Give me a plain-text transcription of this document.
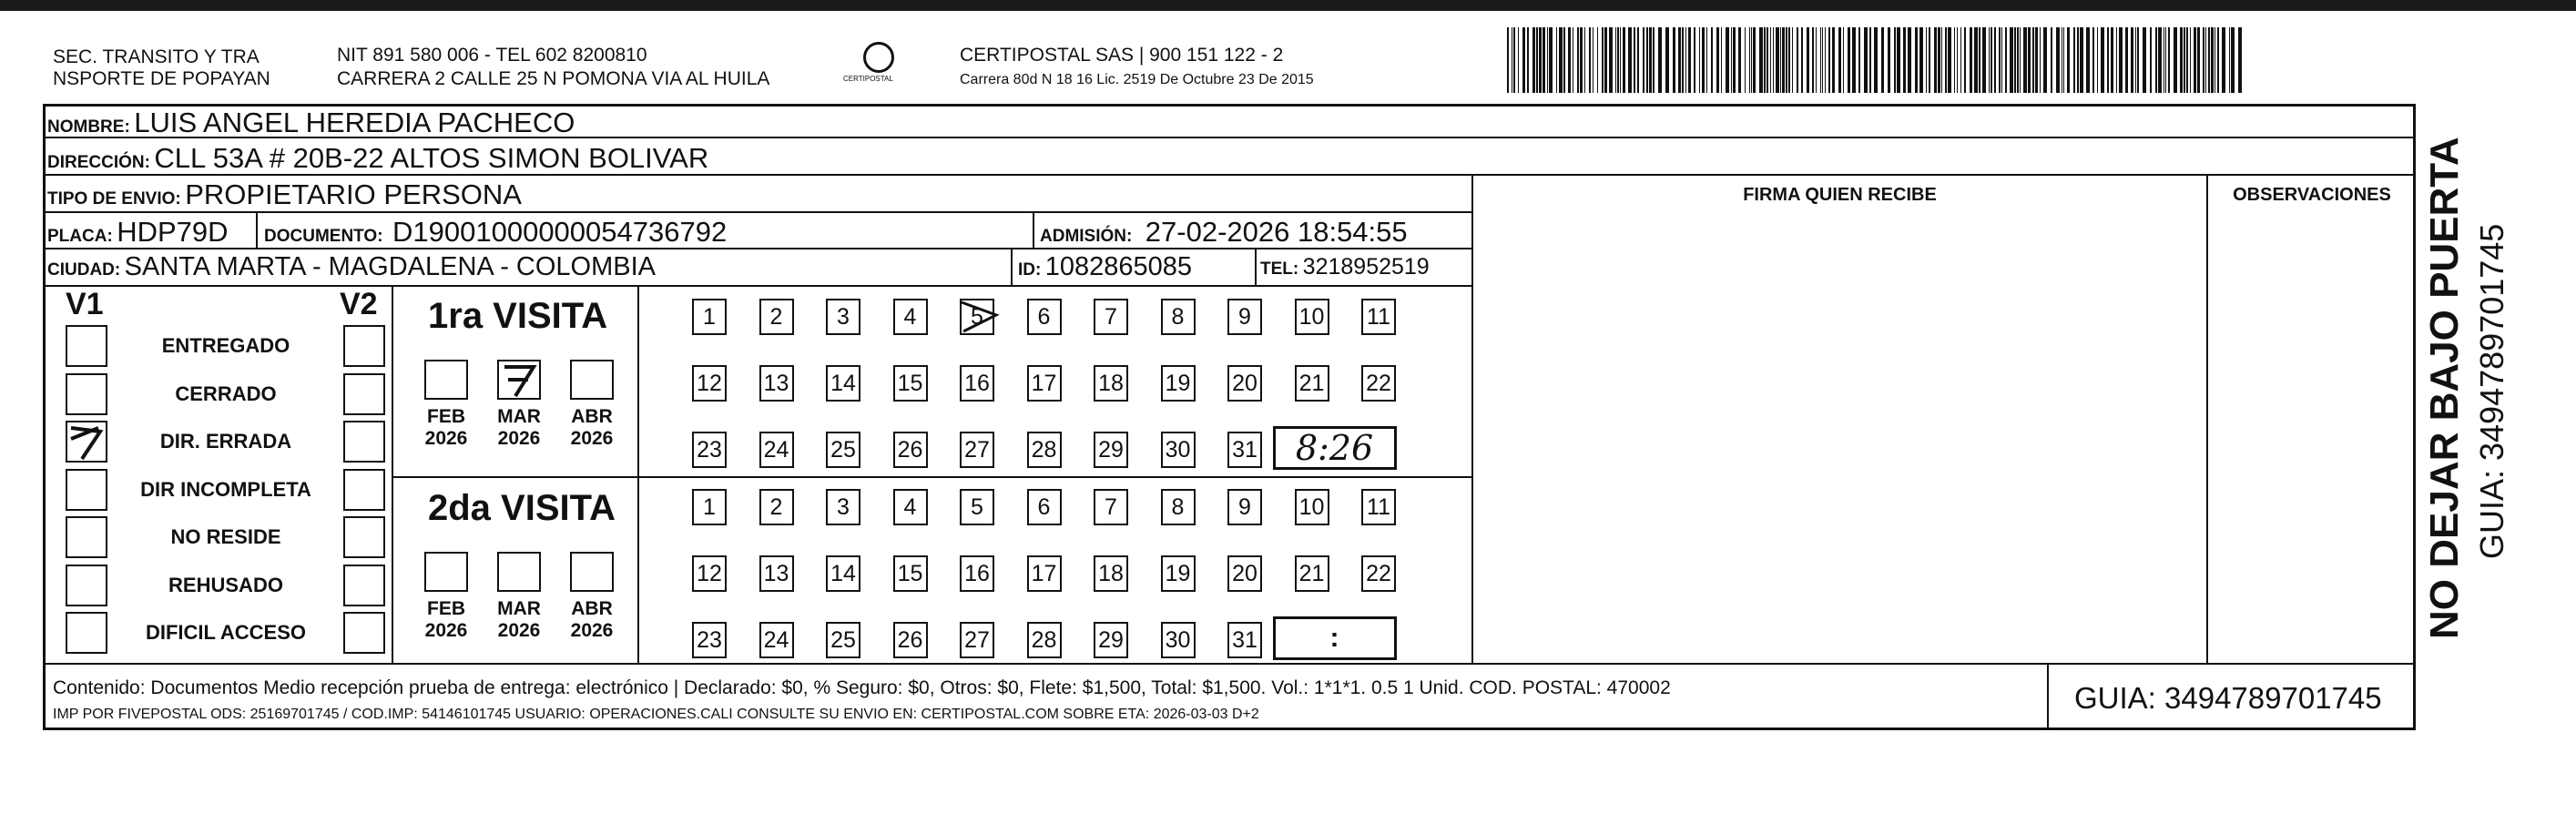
SEC. TRANSITO Y TRA
NSPORTE DE POPAYAN
NIT 891 580 006 - TEL 602 8200810
CARRERA 2 CALLE 25 N POMONA VIA AL HUILA	CERTIPOSTAL
CERTIPOSTAL SAS | 900 151 122 - 2
Carrera 80d N 18 16 Lic. 2519 De Octubre 23 De 2015
NOMBRE: LUIS ANGEL HEREDIA PACHECO
DIRECCIÓN: CLL 53A # 20B-22 ALTOS SIMON BOLIVAR
TIPO DE ENVIO: PROPIETARIO PERSONA	FIRMA QUIEN RECIBE	OBSERVACIONES
PLACA: HDP79D DOCUMENTO: D19001000000054736792	ADMISIÓN: 27-02-2026 18:54:55
CIUDAD: SANTA MARTA - MAGDALENA - COLOMBIA	ID: 1082865085	TEL: 3218952519
V1	V2
ENTREGADO
CERRADO
DIR. ERRADA
DIR INCOMPLETA
NO RESIDE
REHUSADO
DIFICIL ACCESO
1ra VISITA
2da VISITA
FEB
2026
MAR
2026
ABR
2026
FEB
2026
MAR
2026
ABR
2026
1	2	3	4	5	6	7	8	9	10 11
12 13 14 15 16 17 18 19 20 21 22
23 24 25 26 27 28 29 30 31 8:26
1	2	3	4	5	6	7	8	9	10 11
12 13 14 15 16 17 18 19 20 21 22
23 24 25 26 27 28 29 30 31	:
Contenido: Documentos Medio recepción prueba de entrega: electrónico | Declarado: $0, % Seguro: $0, Otros: $0, Flete: $1,500, Total: $1,500. Vol.: 1*1*1. 0.5 1 Unid. COD. POSTAL: 470002
IMP POR FIVEPOSTAL ODS: 25169701745 / COD.IMP: 54146101745 USUARIO: OPERACIONES.CALI CONSULTE SU ENVIO EN: CERTIPOSTAL.COM SOBRE ETA: 2026-03-03 D+2	GUIA: 3494789701745
NO DEJAR BAJO PUERTA GUIA: 3494789701745
